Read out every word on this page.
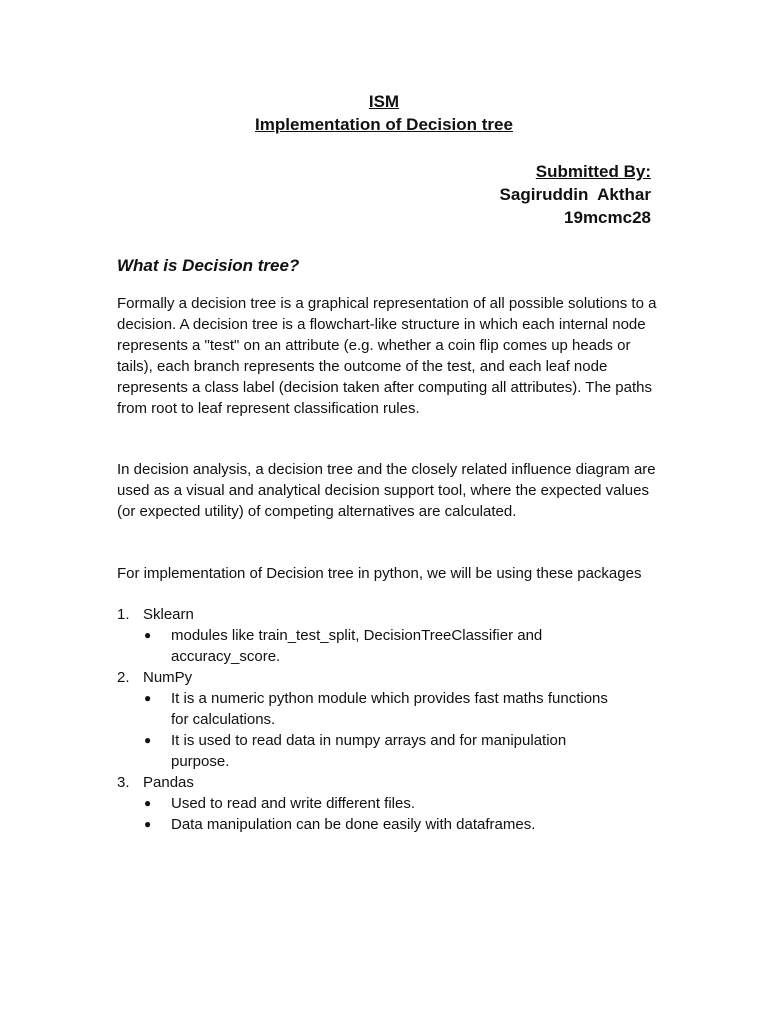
ISM
Implementation of Decision tree
Submitted By:
Sagiruddin  Akthar
19mcmc28
What is Decision tree?

Formally a decision tree is a graphical representation of all possible solutions to a decision. A decision tree is a flowchart-like structure in which each internal node represents a "test" on an attribute (e.g. whether a coin flip comes up heads or tails), each branch represents the outcome of the test, and each leaf node represents a class label (decision taken after computing all attributes). The paths from root to leaf represent classification rules.

In decision analysis, a decision tree and the closely related influence diagram are used as a visual and analytical decision support tool, where the expected values (or expected utility) of competing alternatives are calculated.

For implementation of Decision tree in python, we will be using these packages

1. Sklearn
●	modules like train_test_split, DecisionTreeClassifier and accuracy_score.
2. NumPy
●	It is a numeric python module which provides fast maths functions for calculations.
●	It is used to read data in numpy arrays and for manipulation purpose.
3. Pandas
●	Used to read and write different files.
●	Data manipulation can be done easily with dataframes.
